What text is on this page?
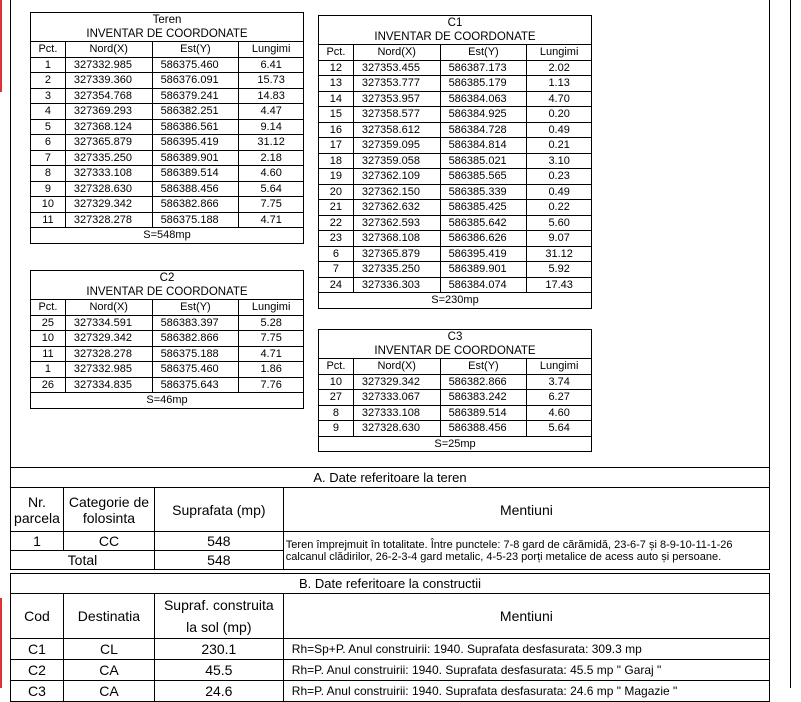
Teren			
INVENTAR DE COORDONATE			
Pct.	Nord(X)	Est(Y)	Lungimi
1	327332.985	586375.460	6.41
2	327339.360	586376.091	15.73
3	327354.768	586379.241	14.83
4	327369.293	586382.251	4.47
5	327368.124	586386.561	9.14
6	327365.879	586395.419	31.12
7	327335.250	586389.901	2.18
8	327333.108	586389.514	4.60
9	327328.630	586388.456	5.64
10	327329.342	586382.866	7.75
11	327328.278	586375.188	4.71
S=548mp			
C2			
INVENTAR DE COORDONATE			
Pct.	Nord(X)	Est(Y)	Lungimi
25	327334.591	586383.397	5.28
10	327329.342	586382.866	7.75
11	327328.278	586375.188	4.71
1	327332.985	586375.460	1.86
26	327334.835	586375.643	7.76
S=46mp			
C1			
INVENTAR DE COORDONATE			
Pct.	Nord(X)	Est(Y)	Lungimi
12	327353.455	586387.173	2.02
13	327353.777	586385.179	1.13
14	327353.957	586384.063	4.70
15	327358.577	586384.925	0.20
16	327358.612	586384.728	0.49
17	327359.095	586384.814	0.21
18	327359.058	586385.021	3.10
19	327362.109	586385.565	0.23
20	327362.150	586385.339	0.49
21	327362.632	586385.425	0.22
22	327362.593	586385.642	5.60
23	327368.108	586386.626	9.07
6	327365.879	586395.419	31.12
7	327335.250	586389.901	5.92
24	327336.303	586384.074	17.43
S=230mp			
C3			
INVENTAR DE COORDONATE			
Pct.	Nord(X)	Est(Y)	Lungimi
10	327329.342	586382.866	3.74
27	327333.067	586383.242	6.27
8	327333.108	586389.514	4.60
9	327328.630	586388.456	5.64
S=25mp			
A. Date referitoare la teren
Nr.
parcela	Categorie de
folosinta	Suprafata (mp)	Mentiuni
1	CC	548	Teren împrejmuit în totalitate. Între punctele: 7-8 gard de cărămidă, 23-6-7 și 8-9-10-11-1-26 calcanul clădirilor, 26-2-3-4 gard metalic, 4-5-23 porți metalice de acess auto și persoane.
Total		548	
B. Date referitoare la constructii
Cod	Destinatia	Supraf. construita
la sol (mp)	Mentiuni
C1	CL	230.1	Rh=Sp+P. Anul construirii: 1940. Suprafata desfasurata: 309.3 mp
C2	CA	45.5	Rh=P. Anul construirii: 1940. Suprafata desfasurata: 45.5 mp " Garaj "
C3	CA	24.6	Rh=P. Anul construirii: 1940. Suprafata desfasurata: 24.6 mp " Magazie "
